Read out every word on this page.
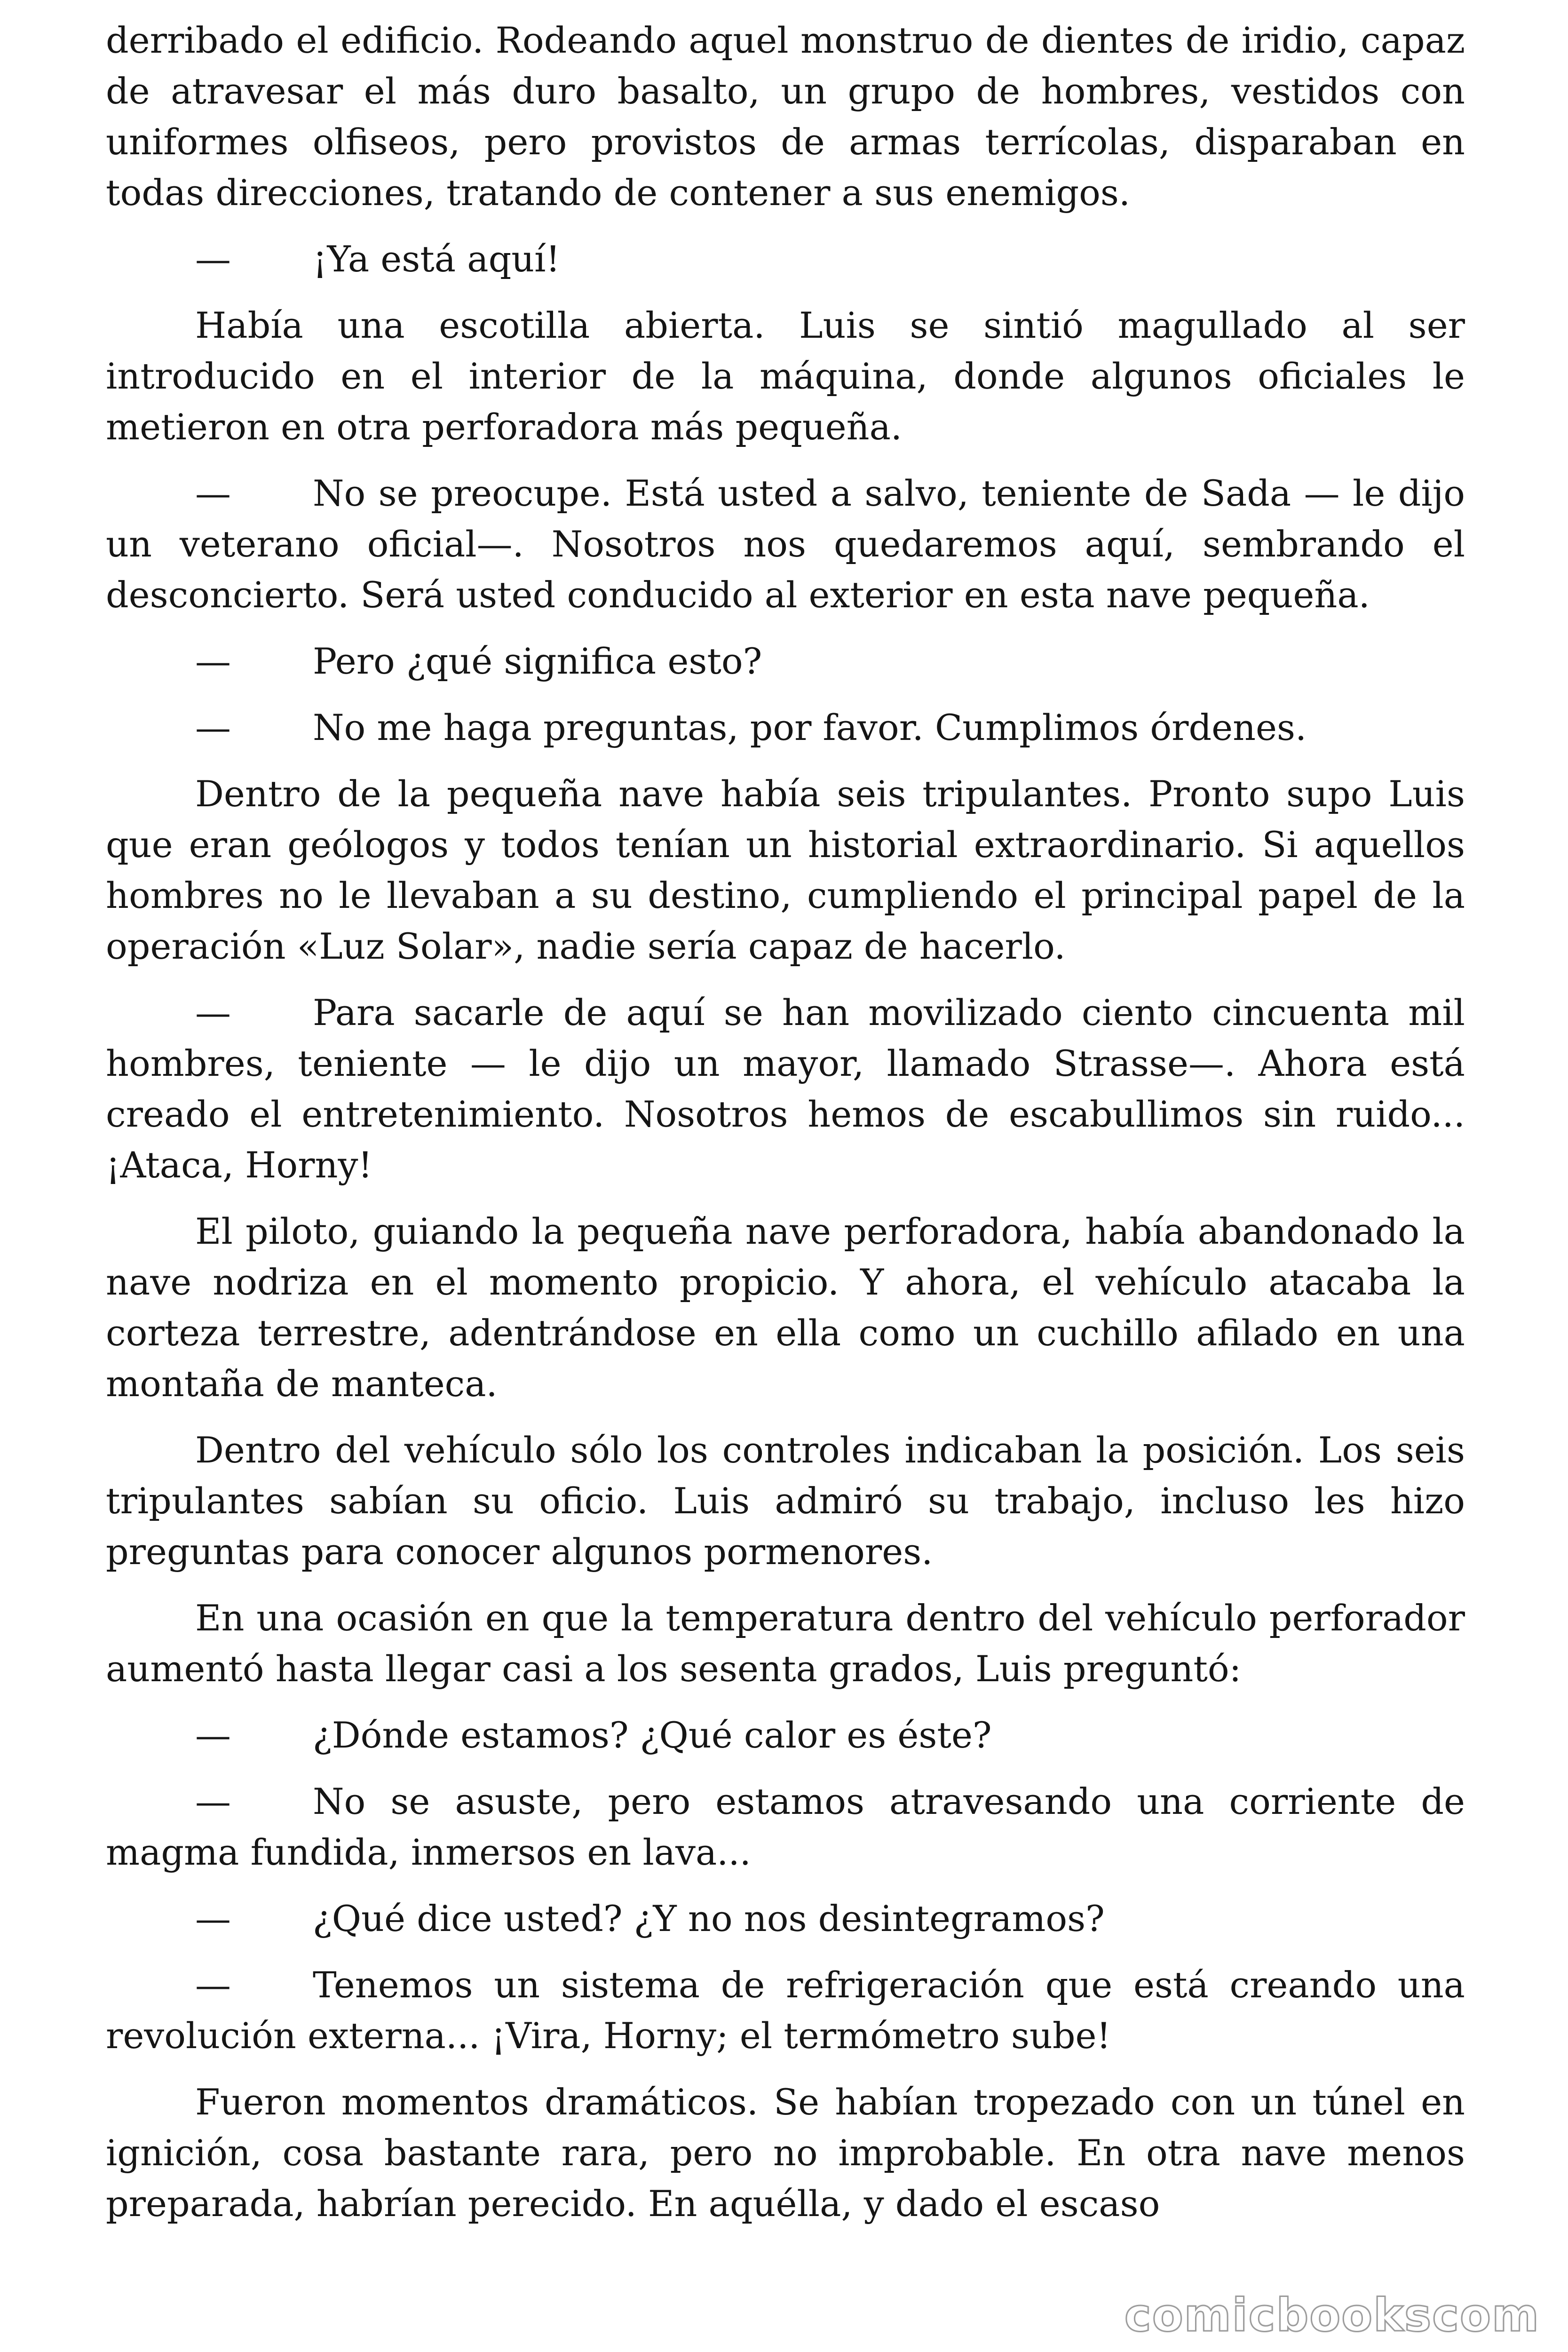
derribado el edificio. Rodeando aquel monstruo de dientes de iridio, capaz de atravesar el más duro basalto, un grupo de hombres, vestidos con uniformes olfiseos, pero provistos de armas terrícolas, disparaban en todas direcciones, tratando de contener a sus enemigos.

— ¡Ya está aquí!

Había una escotilla abierta. Luis se sintió magullado al ser introducido en el interior de la máquina, donde algunos oficiales le metieron en otra perforadora más pequeña.

— No se preocupe. Está usted a salvo, teniente de Sada — le dijo un veterano oficial—. Nosotros nos quedaremos aquí, sembrando el desconcierto. Será usted conducido al exterior en esta nave pequeña.

— Pero ¿qué significa esto?

— No me haga preguntas, por favor. Cumplimos órdenes.

Dentro de la pequeña nave había seis tripulantes. Pronto supo Luis que eran geólogos y todos tenían un historial extraordinario. Si aquellos hombres no le llevaban a su destino, cumpliendo el principal papel de la operación «Luz Solar», nadie sería capaz de hacerlo.

— Para sacarle de aquí se han movilizado ciento cincuenta mil hombres, teniente — le dijo un mayor, llamado Strasse—. Ahora está creado el entretenimiento. Nosotros hemos de escabullimos sin ruido... ¡Ataca, Horny!

El piloto, guiando la pequeña nave perforadora, había abandonado la nave nodriza en el momento propicio. Y ahora, el vehículo atacaba la corteza terrestre, adentrándose en ella como un cuchillo afilado en una montaña de manteca.

Dentro del vehículo sólo los controles indicaban la posición. Los seis tripulantes sabían su oficio. Luis admiró su trabajo, incluso les hizo preguntas para conocer algunos pormenores.

En una ocasión en que la temperatura dentro del vehículo perforador aumentó hasta llegar casi a los sesenta grados, Luis preguntó:

— ¿Dónde estamos? ¿Qué calor es éste?

— No se asuste, pero estamos atravesando una corriente de magma fundida, inmersos en lava...

— ¿Qué dice usted? ¿Y no nos desintegramos?

— Tenemos un sistema de refrigeración que está creando una revolución externa... ¡Vira, Horny; el termómetro sube!

Fueron momentos dramáticos. Se habían tropezado con un túnel en ignición, cosa bastante rara, pero no improbable. En otra nave menos preparada, habrían perecido. En aquélla, y dado el escaso

comicbookscom
